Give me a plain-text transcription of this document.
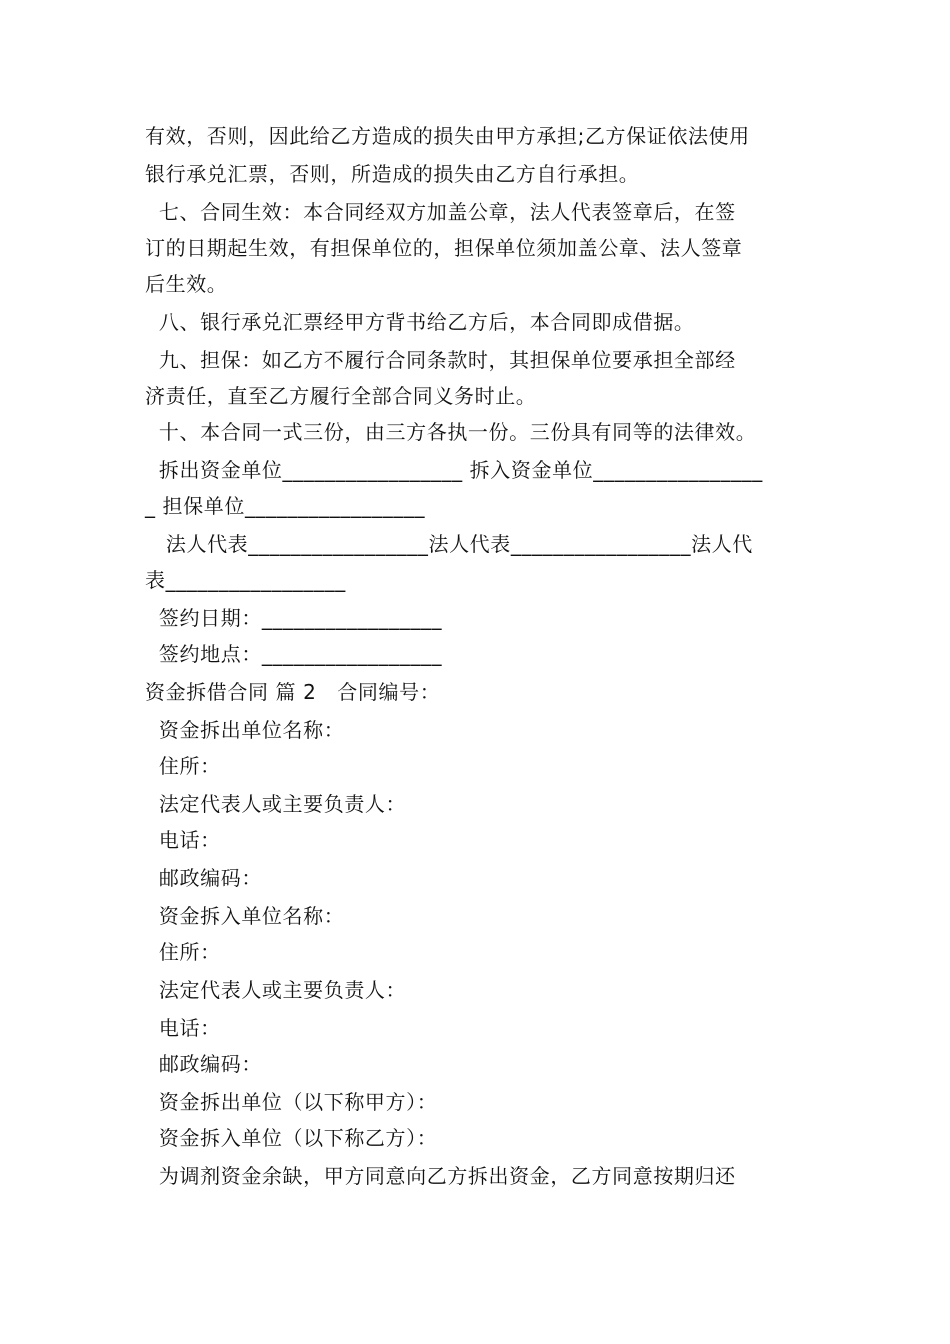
有效，否则，因此给乙方造成的损失由甲方承担;乙方保证依法使用
银行承兑汇票，否则，所造成的损失由乙方自行承担。
七、合同生效：本合同经双方加盖公章，法人代表签章后，在签
订的日期起生效，有担保单位的，担保单位须加盖公章、法人签章
后生效。
八、银行承兑汇票经甲方背书给乙方后，本合同即成借据。
九、担保：如乙方不履行合同条款时，其担保单位要承担全部经
济责任，直至乙方履行全部合同义务时止。
十、本合同一式三份，由三方各执一份。三份具有同等的法律效。
拆出资金单位_________________ 拆入资金单位________________
_ 担保单位_________________
法人代表_________________法人代表_________________法人代
表_________________
签约日期：_________________
签约地点：_________________
资金拆借合同 篇 2   合同编号：
资金拆出单位名称：
住所：
法定代表人或主要负责人：
电话：
邮政编码：
资金拆入单位名称：
住所：
法定代表人或主要负责人：
电话：
邮政编码：
资金拆出单位（以下称甲方）：
资金拆入单位（以下称乙方）：
为调剂资金余缺，甲方同意向乙方拆出资金，乙方同意按期归还
